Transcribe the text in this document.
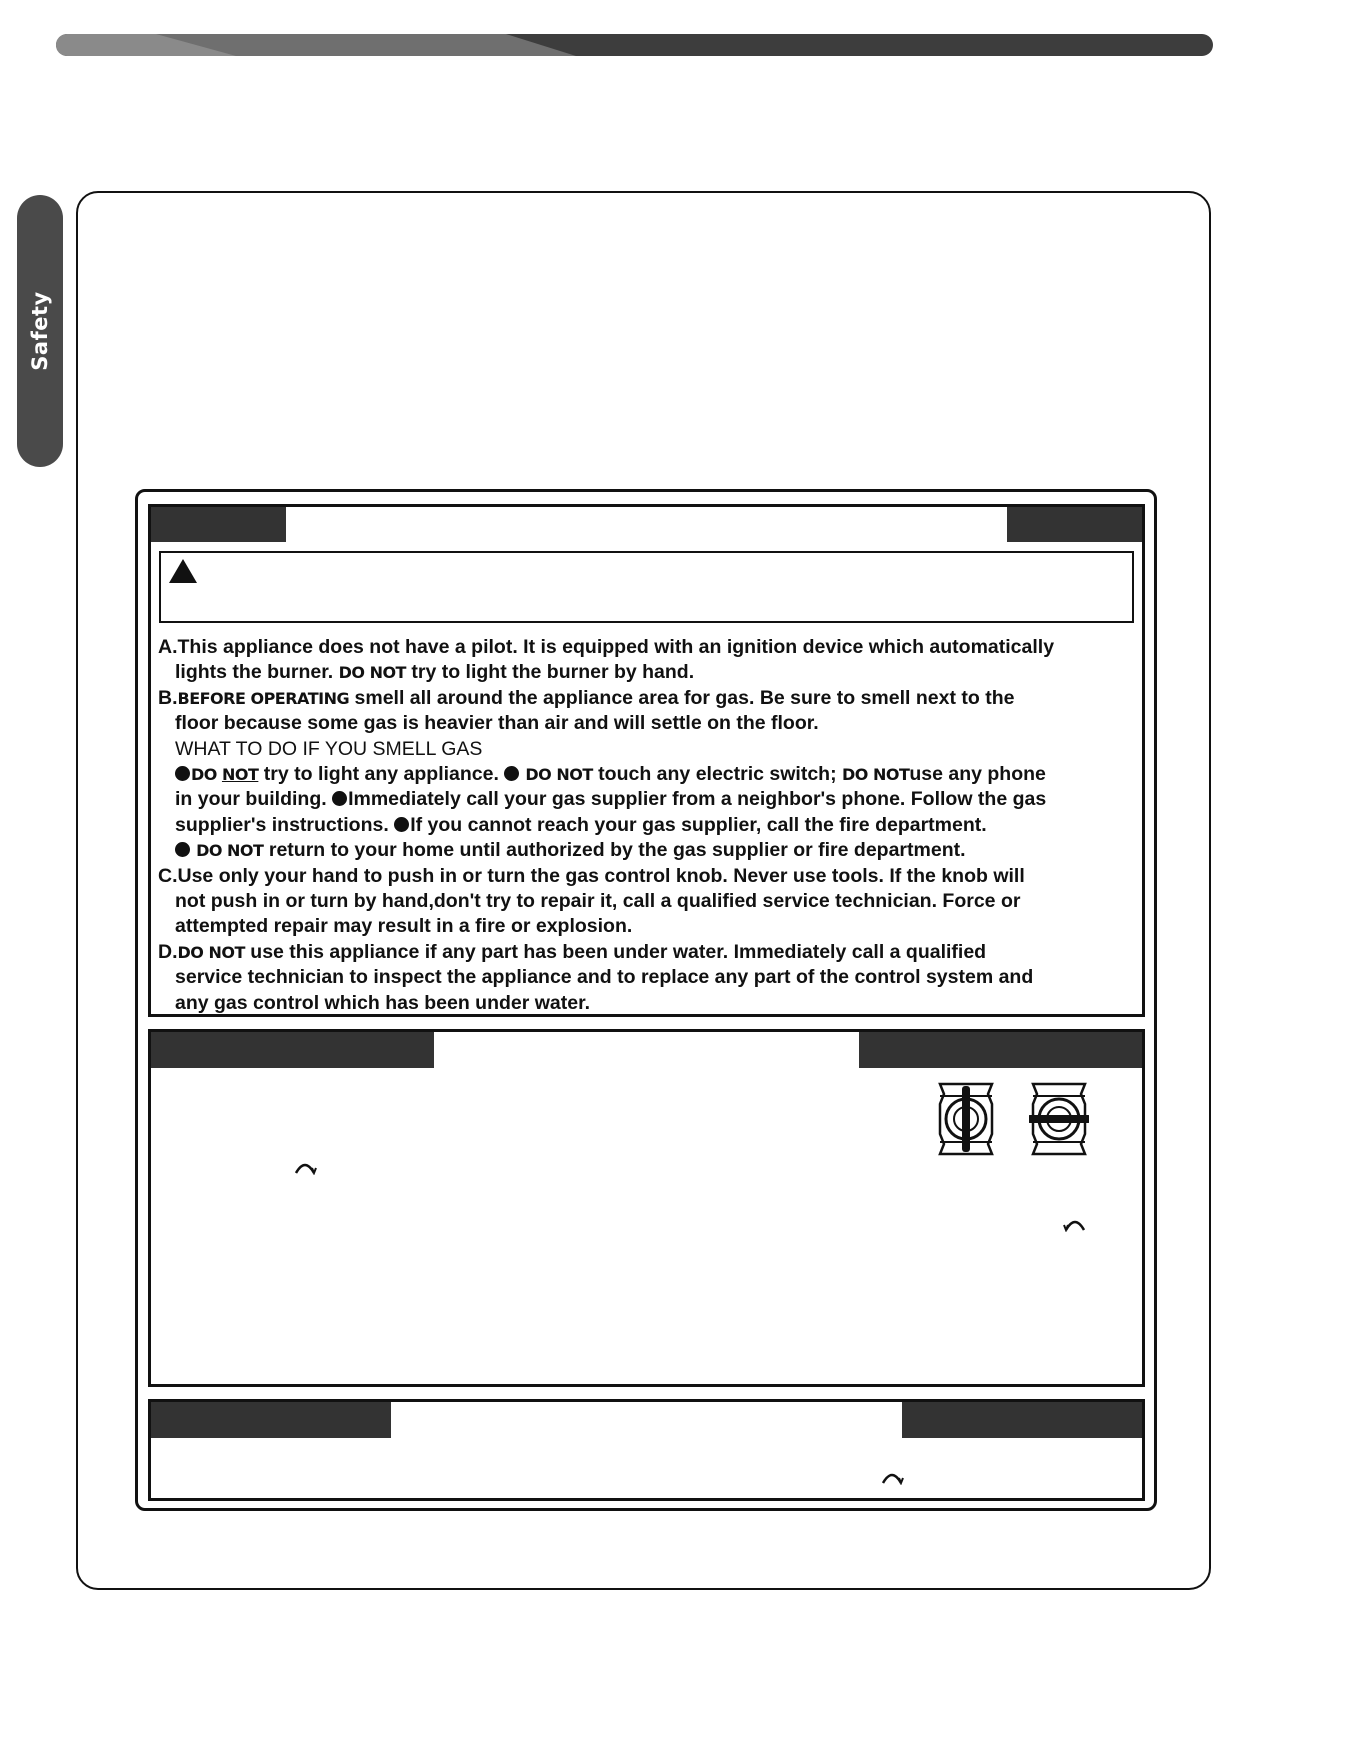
Safety
A.This appliance does not have a pilot. It is equipped with an ignition device which automatically
lights the burner. DO NOT try to light the burner by hand.
B.BEFORE OPERATING smell all around the appliance area for gas. Be sure to smell next to the
floor because some gas is heavier than air and will settle on the floor.
WHAT TO DO IF YOU SMELL GAS
DO NOT try to light any appliance.  DO NOT touch any electric switch; DO NOTuse any phone
in your building. Immediately call your gas supplier from a neighbor's phone. Follow the gas
supplier's instructions. If you cannot reach your gas supplier, call the fire department.
DO NOT return to your home until authorized by the gas supplier or fire department.
C.Use only your hand to push in or turn the gas control knob. Never use tools. If the knob will
not push in or turn by hand,don't try to repair it, call a qualified service technician. Force or
attempted repair may result in a fire or explosion.
D.DO NOT use this appliance if any part has been under water. Immediately call a qualified
service technician to inspect the appliance and to replace any part of the control system and
any gas control which has been under water.
